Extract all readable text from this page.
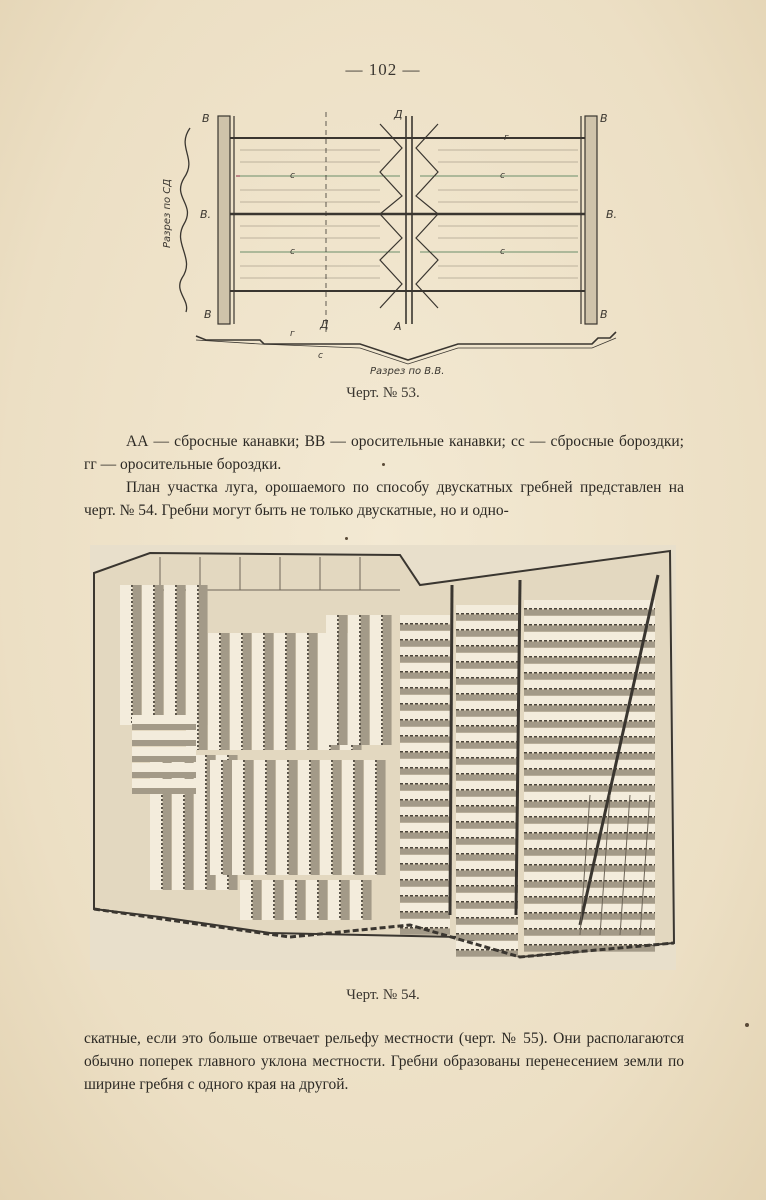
— 102 —
В	В
В.	В.
В	В
Д
А
Д
с	с
с	с
с
г
г
Разрез по В.В.
Разрез по СД
Черт. № 53.

АА — сбросные канавки; ВВ — оросительные канавки; сс — сбросные бороздки; гг — оросительные бороздки.

План участка луга, орошаемого по способу двускатных гребней представлен на черт. № 54. Гребни могут быть не только двускатные, но и одно-

Черт. № 54.

скатные, если это больше отвечает рельефу местности (черт. № 55). Они располагаются обычно поперек главного уклона местности. Гребни образованы перенесением земли по ширине гребня с одного края на другой.
